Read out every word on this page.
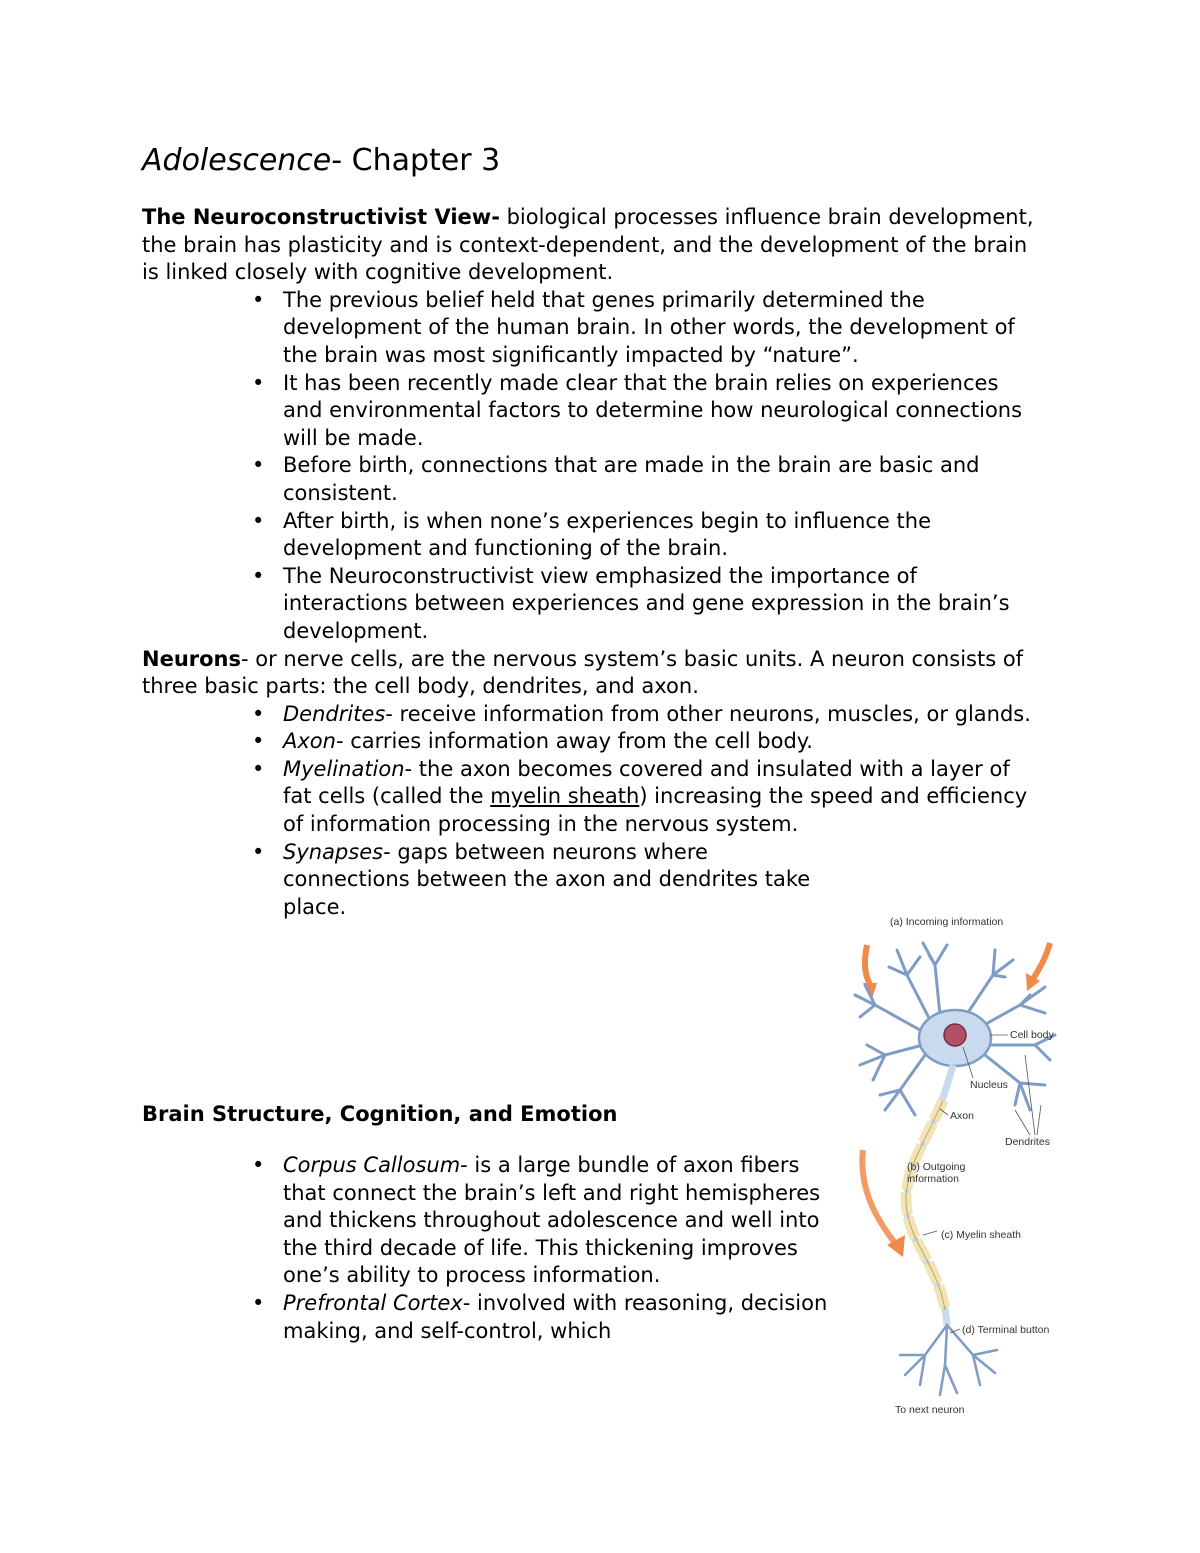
Adolescence- Chapter 3

The Neuroconstructivist View- biological processes influence brain development, the brain has plasticity and is context-dependent, and the development of the brain is linked closely with cognitive development.

• The previous belief held that genes primarily determined the development of the human brain. In other words, the development of the brain was most significantly impacted by “nature”.
• It has been recently made clear that the brain relies on experiences and environmental factors to determine how neurological connections will be made.
• Before birth, connections that are made in the brain are basic and consistent.
• After birth, is when none’s experiences begin to influence the development and functioning of the brain.
• The Neuroconstructivist view emphasized the importance of interactions between experiences and gene expression in the brain’s development.

Neurons- or nerve cells, are the nervous system’s basic units. A neuron consists of three basic parts: the cell body, dendrites, and axon.

• Dendrites- receive information from other neurons, muscles, or glands.
• Axon- carries information away from the cell body.
• Myelination- the axon becomes covered and insulated with a layer of fat cells (called the myelin sheath) increasing the speed and efficiency of information processing in the nervous system.
• Synapses- gaps between neurons where connections between the axon and dendrites take place.
Brain Structure, Cognition, and Emotion
• Corpus Callosum- is a large bundle of axon fibers that connect the brain’s left and right hemispheres and thickens throughout adolescence and well into the third decade of life. This thickening improves one’s ability to process information.
• Prefrontal Cortex- involved with reasoning, decision making, and self-control, which
(a) Incoming information
Cell body
Nucleus
Axon
Dendrites
(b) Outgoing
information
(c) Myelin sheath
(d) Terminal button
To next neuron
